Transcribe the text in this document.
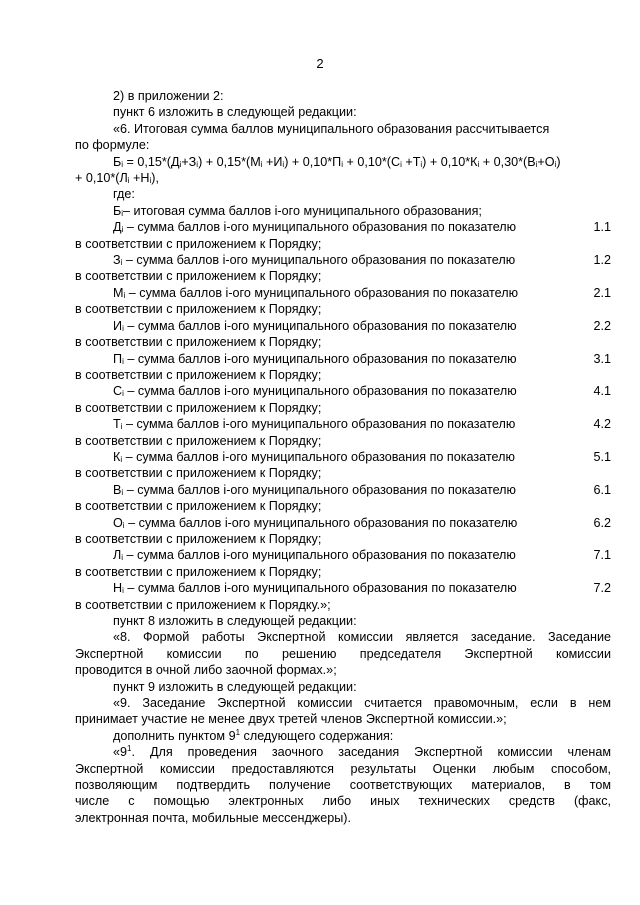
2

2) в приложении 2:

пункт 6 изложить в следующей редакции:

«6. Итоговая сумма баллов муниципального образования рассчитывается

по формуле:

$Б_i = 0,15*(Д_i+З_i) + 0,15*(М_i +И_i) + 0,10*П_i + 0,10*(С_i +Т_i) + 0,10*К_i + 0,30*(В_i+О_i)$

+ $0,10*(Л_i +Н_i)$,

где:

$Б_i-$ итоговая сумма баллов i-ого муниципального образования;

$Д_i$ – сумма баллов i-ого муниципального образования по показателю	1.1

в соответствии с приложением к Порядку;

$З_i$ – сумма баллов i-ого муниципального образования по показателю	1.2

в соответствии с приложением к Порядку;

$М_i$ – сумма баллов i-ого муниципального образования по показателю	2.1

в соответствии с приложением к Порядку;

$И_i$ – сумма баллов i-ого муниципального образования по показателю	2.2

в соответствии с приложением к Порядку;

$П_i$ – сумма баллов i-ого муниципального образования по показателю	3.1

в соответствии с приложением к Порядку;

$С_i$ – сумма баллов i-ого муниципального образования по показателю	4.1

в соответствии с приложением к Порядку;

$Т_i$ – сумма баллов i-ого муниципального образования по показателю	4.2

в соответствии с приложением к Порядку;

$К_i$ – сумма баллов i-ого муниципального образования по показателю	5.1

в соответствии с приложением к Порядку;

$В_i$ – сумма баллов i-ого муниципального образования по показателю	6.1

в соответствии с приложением к Порядку;

$О_i$ – сумма баллов i-ого муниципального образования по показателю	6.2

в соответствии с приложением к Порядку;

$Л_i$ – сумма баллов i-ого муниципального образования по показателю	7.1

в соответствии с приложением к Порядку;

$Н_i$ – сумма баллов i-ого муниципального образования по показателю	7.2

в соответствии с приложением к Порядку.»;

пункт 8 изложить в следующей редакции:

«8. Формой работы Экспертной комиссии является заседание. Заседание

Экспертной комиссии по решению председателя Экспертной комиссии

проводится в очной либо заочной формах.»;

пункт 9 изложить в следующей редакции:

«9. Заседание Экспертной комиссии считается правомочным, если в нем

принимает участие не менее двух третей членов Экспертной комиссии.»;

дополнить пунктом $9^1$ следующего содержания:

«$9^1$. Для проведения заочного заседания Экспертной комиссии членам

Экспертной комиссии предоставляются результаты Оценки любым способом,

позволяющим подтвердить получение соответствующих материалов, в том

числе с помощью электронных либо иных технических средств (факс,

электронная почта, мобильные мессенджеры).
